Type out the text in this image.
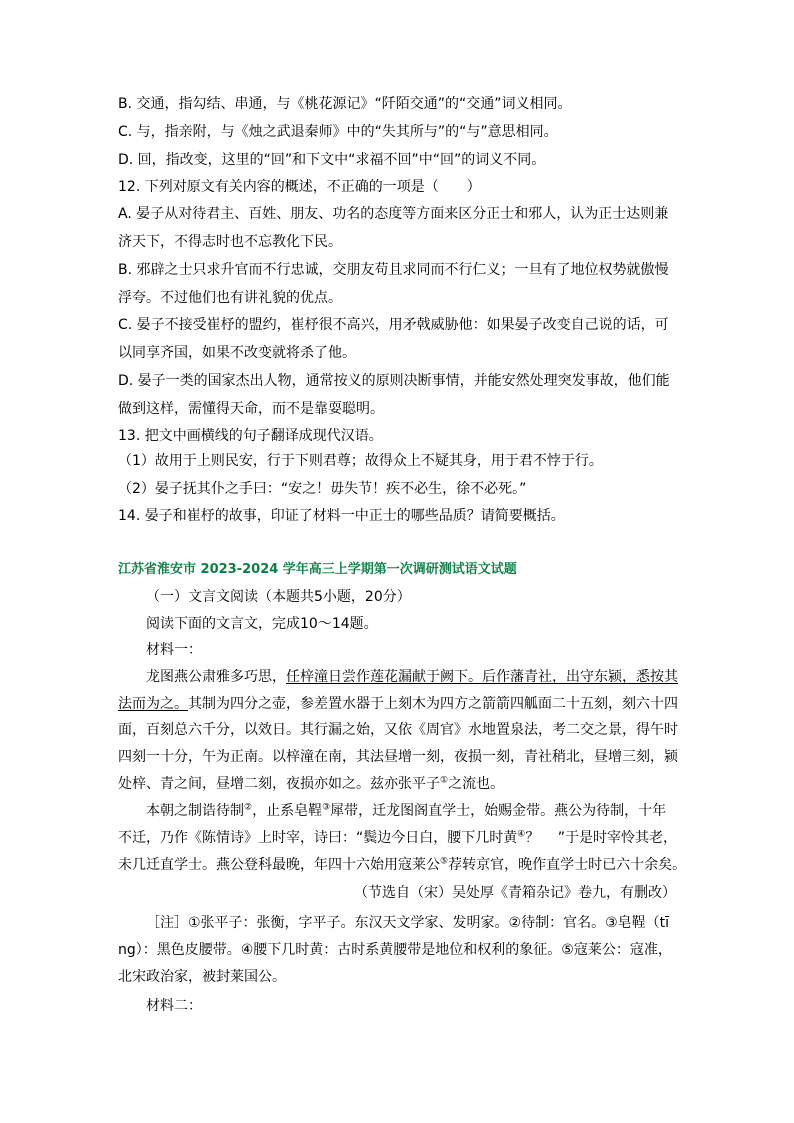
B. 交通，指勾结、串通，与《桃花源记》“阡陌交通”的“交通”词义相同。
C. 与，指亲附，与《烛之武退秦师》中的“失其所与”的“与”意思相同。
D. 回，指改变，这里的“回”和下文中“求福不回”中“回”的词义不同。
12. 下列对原文有关内容的概述，不正确的一项是（　　）
A. 晏子从对待君主、百姓、朋友、功名的态度等方面来区分正士和邪人，认为正士达则兼
济天下，不得志时也不忘教化下民。
B. 邪辟之士只求升官而不行忠诚，交朋友苟且求同而不行仁义；一旦有了地位权势就傲慢
浮夸。不过他们也有讲礼貌的优点。
C. 晏子不接受崔杼的盟约，崔杼很不高兴，用矛戟威胁他：如果晏子改变自己说的话，可
以同享齐国，如果不改变就将杀了他。
D. 晏子一类的国家杰出人物，通常按义的原则决断事情，并能安然处理突发事故，他们能
做到这样，需懂得天命，而不是靠耍聪明。
13. 把文中画横线的句子翻译成现代汉语。
（1）故用于上则民安，行于下则君尊；故得众上不疑其身，用于君不悖于行。
（2）晏子抚其仆之手曰：“安之！毋失节！疾不必生，徐不必死。”
14. 晏子和崔杼的故事，印证了材料一中正士的哪些品质？请简要概括。
江苏省淮安市 2023-2024 学年高三上学期第一次调研测试语文试题
（一）文言文阅读（本题共5小题，20分）
阅读下面的文言文，完成10～14题。
材料一：
龙图燕公肃雅多巧思，任梓潼日尝作莲花漏献于阙下。后作藩青社，出守东颍，悉按其
法而为之。其制为四分之壶，参差置水器于上刻木为四方之箭箭四觚面二十五刻，刻六十四
面，百刻总六千分，以效日。其行漏之始，又依《周官》水地置泉法，考二交之景，得午时
四刻一十分，午为正南。以梓潼在南，其法昼增一刻，夜损一刻，青社稍北，昼增三刻，颍
处梓、青之间，昼增二刻，夜损亦如之。兹亦张平子①之流也。
本朝之制诰待制②，止系皂鞓③犀带，迁龙图阁直学士，始赐金带。燕公为待制，十年
不迁，乃作《陈情诗》上时宰，诗曰：“鬓边今日白，腰下几时黄④？　 ”于是时宰怜其老，
未几迁直学士。燕公登科最晚，年四十六始用寇莱公⑤荐转京官，晚作直学士时已六十余矣。
（节选自（宋）吴处厚《青箱杂记》卷九，有删改）
［注］①张平子：张衡，字平子。东汉天文学家、发明家。②待制：官名。③皂鞓（tī
ng）：黑色皮腰带。④腰下几时黄：古时系黄腰带是地位和权利的象征。⑤寇莱公：寇准，
北宋政治家，被封莱国公。
材料二：
